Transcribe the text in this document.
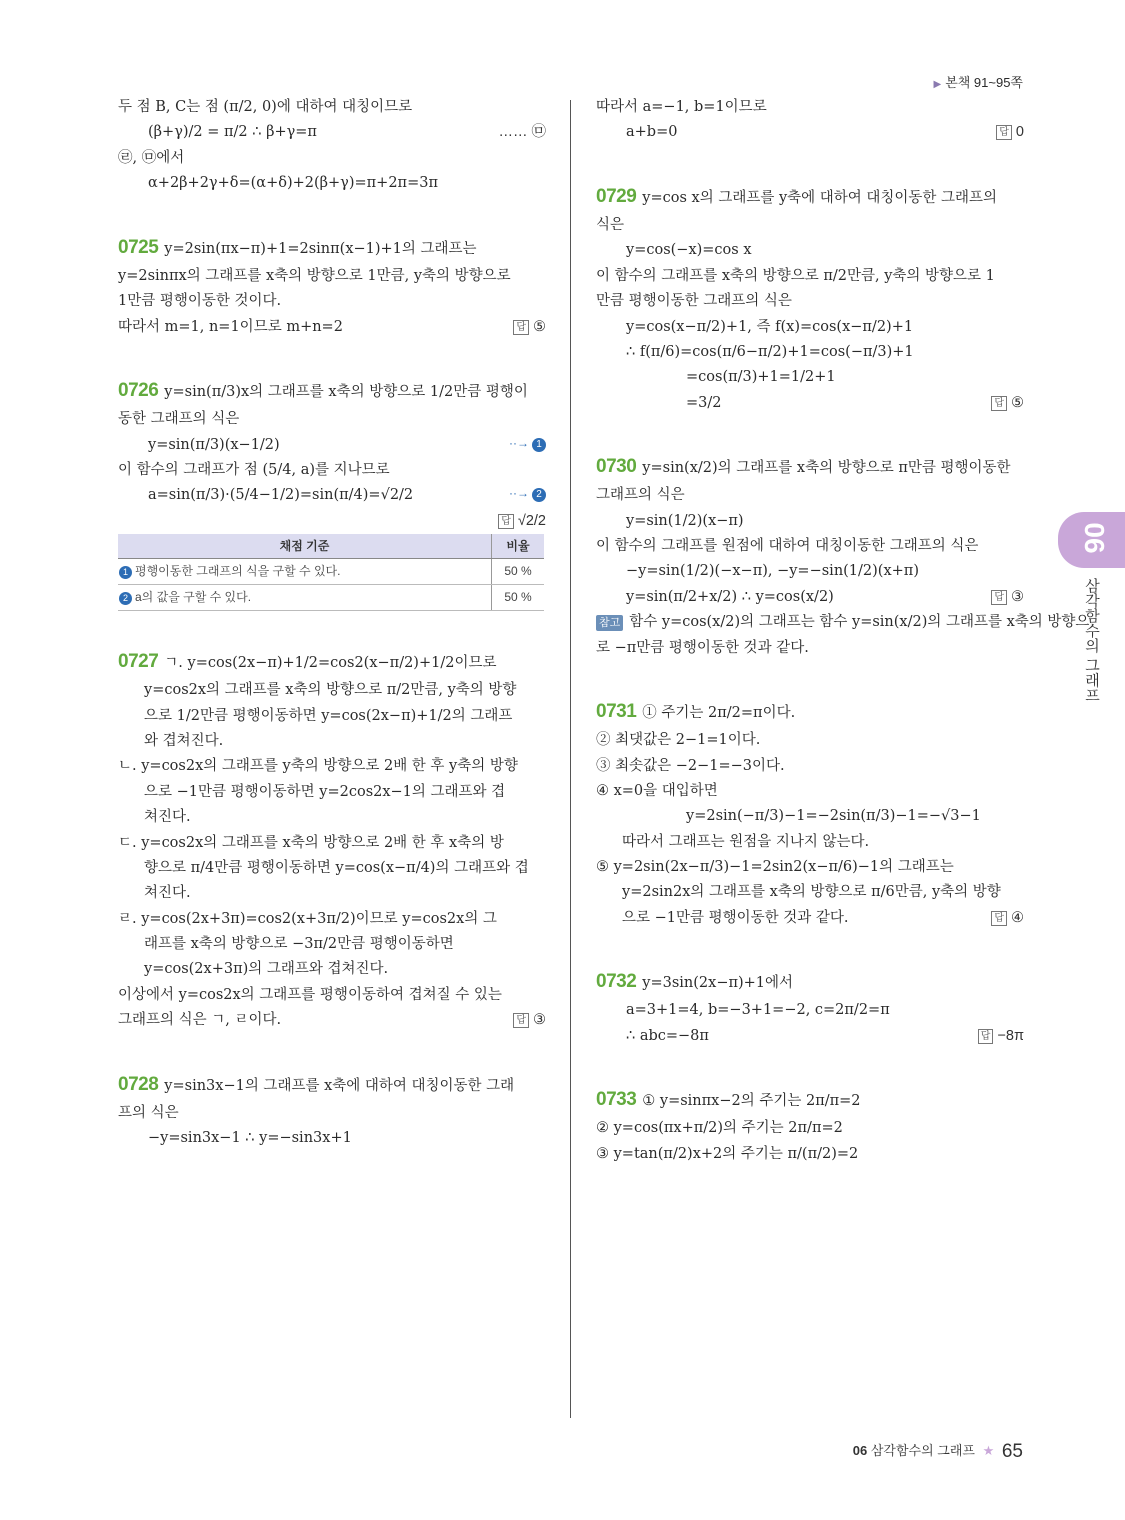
▶ 본책 91~95쪽

두 점 B, C는 점 (π/2, 0)에 대하여 대칭이므로

…… ㉤
(β+γ)/2 = π/2 ∴ β+γ=π

㉣, ㉤에서

α+2β+2γ+δ=(α+δ)+2(β+γ)=π+2π=3π

0725 y=2sin(πx−π)+1=2sinπ(x−1)+1의 그래프는

y=2sinπx의 그래프를 x축의 방향으로 1만큼, y축의 방향으로

1만큼 평행이동한 것이다.

답 ⑤
따라서 m=1, n=1이므로 m+n=2

0726 y=sin(π/3)x의 그래프를 x축의 방향으로 1/2만큼 평행이

동한 그래프의 식은

··→ 1
y=sin(π/3)(x−1/2)

이 함수의 그래프가 점 (5/4, a)를 지나므로

··→ 2
a=sin(π/3)·(5/4−1/2)=sin(π/4)=√2/2

답 √2/2

채점 기준	비율
1 평행이동한 그래프의 식을 구할 수 있다.	50 %
2 a의 값을 구할 수 있다.	50 %

0727 ㄱ. y=cos(2x−π)+1/2=cos2(x−π/2)+1/2이므로

y=cos2x의 그래프를 x축의 방향으로 π/2만큼, y축의 방향

으로 1/2만큼 평행이동하면 y=cos(2x−π)+1/2의 그래프

와 겹쳐진다.

ㄴ. y=cos2x의 그래프를 y축의 방향으로 2배 한 후 y축의 방향

으로 −1만큼 평행이동하면 y=2cos2x−1의 그래프와 겹

쳐진다.

ㄷ. y=cos2x의 그래프를 x축의 방향으로 2배 한 후 x축의 방

향으로 π/4만큼 평행이동하면 y=cos(x−π/4)의 그래프와 겹

쳐진다.

ㄹ. y=cos(2x+3π)=cos2(x+3π/2)이므로 y=cos2x의 그

래프를 x축의 방향으로 −3π/2만큼 평행이동하면

y=cos(2x+3π)의 그래프와 겹쳐진다.

이상에서 y=cos2x의 그래프를 평행이동하여 겹쳐질 수 있는

답 ③
그래프의 식은 ㄱ, ㄹ이다.

0728 y=sin3x−1의 그래프를 x축에 대하여 대칭이동한 그래

프의 식은

−y=sin3x−1 ∴ y=−sin3x+1

따라서 a=−1, b=1이므로

답 0
a+b=0

0729 y=cos x의 그래프를 y축에 대하여 대칭이동한 그래프의

식은

y=cos(−x)=cos x

이 함수의 그래프를 x축의 방향으로 π/2만큼, y축의 방향으로 1

만큼 평행이동한 그래프의 식은

y=cos(x−π/2)+1, 즉 f(x)=cos(x−π/2)+1

∴ f(π/6)=cos(π/6−π/2)+1=cos(−π/3)+1

=cos(π/3)+1=1/2+1

답 ⑤
=3/2

0730 y=sin(x/2)의 그래프를 x축의 방향으로 π만큼 평행이동한

그래프의 식은

y=sin(1/2)(x−π)

이 함수의 그래프를 원점에 대하여 대칭이동한 그래프의 식은

−y=sin(1/2)(−x−π), −y=−sin(1/2)(x+π)

답 ③
y=sin(π/2+x/2) ∴ y=cos(x/2)

참고 함수 y=cos(x/2)의 그래프는 함수 y=sin(x/2)의 그래프를 x축의 방향으

로 −π만큼 평행이동한 것과 같다.

0731 ① 주기는 2π/2=π이다.

② 최댓값은 2−1=1이다.

③ 최솟값은 −2−1=−3이다.

④ x=0을 대입하면

y=2sin(−π/3)−1=−2sin(π/3)−1=−√3−1

따라서 그래프는 원점을 지나지 않는다.

⑤ y=2sin(2x−π/3)−1=2sin2(x−π/6)−1의 그래프는

y=2sin2x의 그래프를 x축의 방향으로 π/6만큼, y축의 방향

답 ④
으로 −1만큼 평행이동한 것과 같다.

0732 y=3sin(2x−π)+1에서

a=3+1=4, b=−3+1=−2, c=2π/2=π

답 −8π
∴ abc=−8π

0733 ① y=sinπx−2의 주기는 2π/π=2

② y=cos(πx+π/2)의 주기는 2π/π=2

③ y=tan(π/2)x+2의 주기는 π/(π/2)=2

06
삼각함수의 그래프
06 삼각함수의 그래프 ★ 65
